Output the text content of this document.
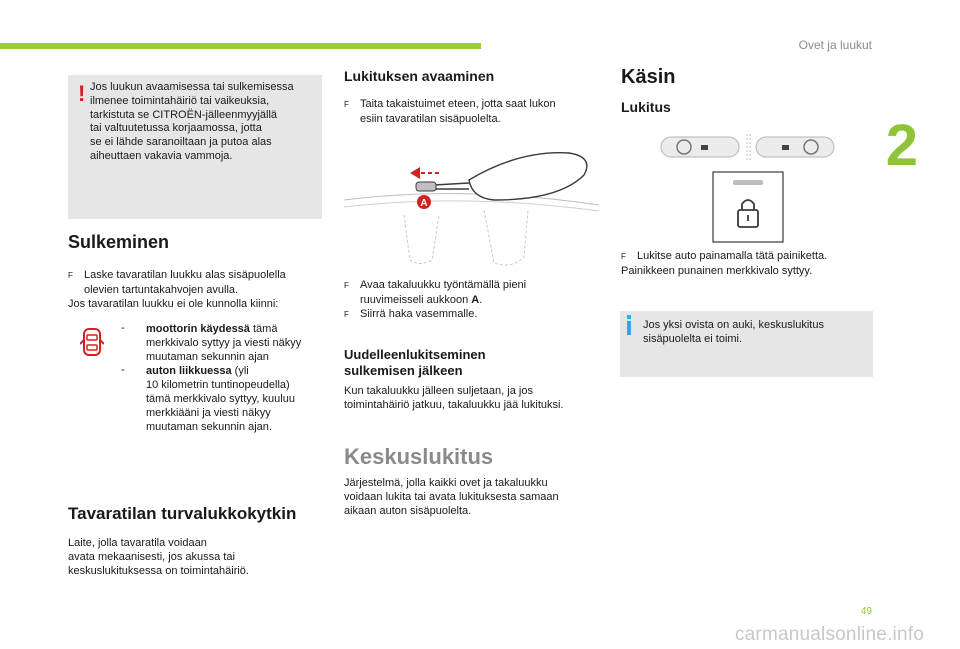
Ovet ja luukut
2
49
carmanualsonline.info
! Jos luukun avaamisessa tai sulkemisessa
ilmenee toimintahäiriö tai vaikeuksia,
tarkistuta se CITROËN-jälleenmyyjällä
tai valtuutetussa korjaamossa, jotta
se ei lähde saranoiltaan ja putoa alas
aiheuttaen vakavia vammoja.
Sulkeminen
F Laske tavaratilan luukku alas sisäpuolella
olevien tartuntakahvojen avulla.
Jos tavaratilan luukku ei ole kunnolla kiinni:
- moottorin käydessä tämä
merkkivalo syttyy ja viesti näkyy
muutaman sekunnin ajan
- auton liikkuessa (yli
10 kilometrin tuntinopeudella)
tämä merkkivalo syttyy, kuuluu
merkkiääni ja viesti näkyy
muutaman sekunnin ajan.
Tavaratilan turvalukkokytkin
Laite, jolla tavaratila voidaan
avata mekaanisesti, jos akussa tai
keskuslukituksessa on toimintahäiriö.
Lukituksen avaaminen
F Taita takaistuimet eteen, jotta saat lukon
esiin tavaratilan sisäpuolelta.
A
F Avaa takaluukku työntämällä pieni
ruuvimeisseli aukkoon A.
F Siirrä haka vasemmalle.
Uudelleenlukitseminen
sulkemisen jälkeen
Kun takaluukku jälleen suljetaan, ja jos
toimintahäiriö jatkuu, takaluukku jää lukituksi.
Keskuslukitus
Järjestelmä, jolla kaikki ovet ja takaluukku
voidaan lukita tai avata lukituksesta samaan
aikaan auton sisäpuolelta.
Käsin
Lukitus
F Lukitse auto painamalla tätä painiketta.
Painikkeen punainen merkkivalo syttyy.
Jos yksi ovista on auki, keskuslukitus
sisäpuolelta ei toimi.
